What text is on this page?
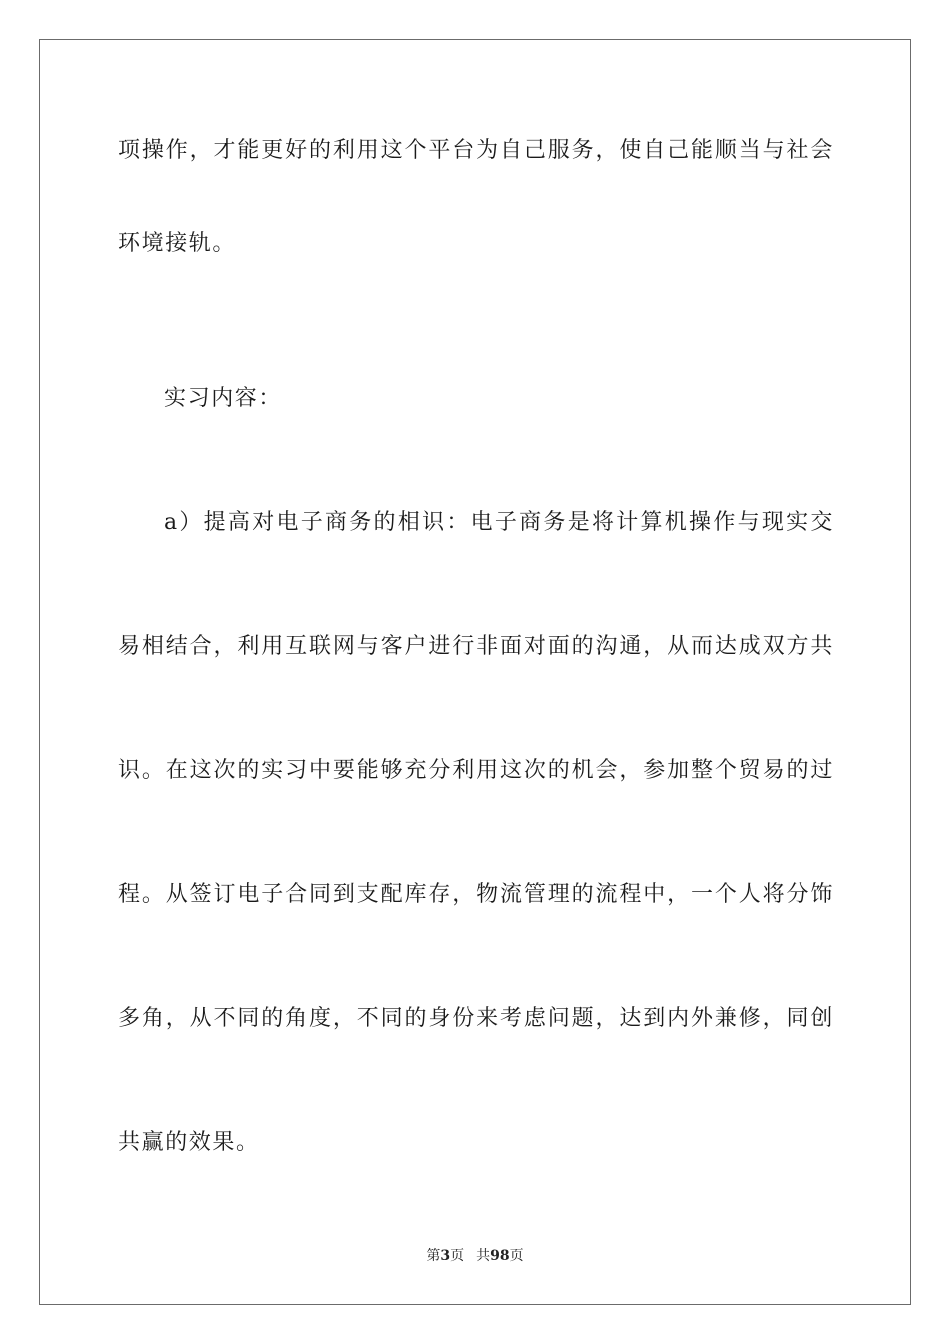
项操作，才能更好的利用这个平台为自己服务，使自己能顺当与社会
环境接轨。
实习内容：
a）提高对电子商务的相识：电子商务是将计算机操作与现实交
易相结合，利用互联网与客户进行非面对面的沟通，从而达成双方共
识。在这次的实习中要能够充分利用这次的机会，参加整个贸易的过
程。从签订电子合同到支配库存，物流管理的流程中，一个人将分饰
多角，从不同的角度，不同的身份来考虑问题，达到内外兼修，同创
共赢的效果。
第3页 共98页
